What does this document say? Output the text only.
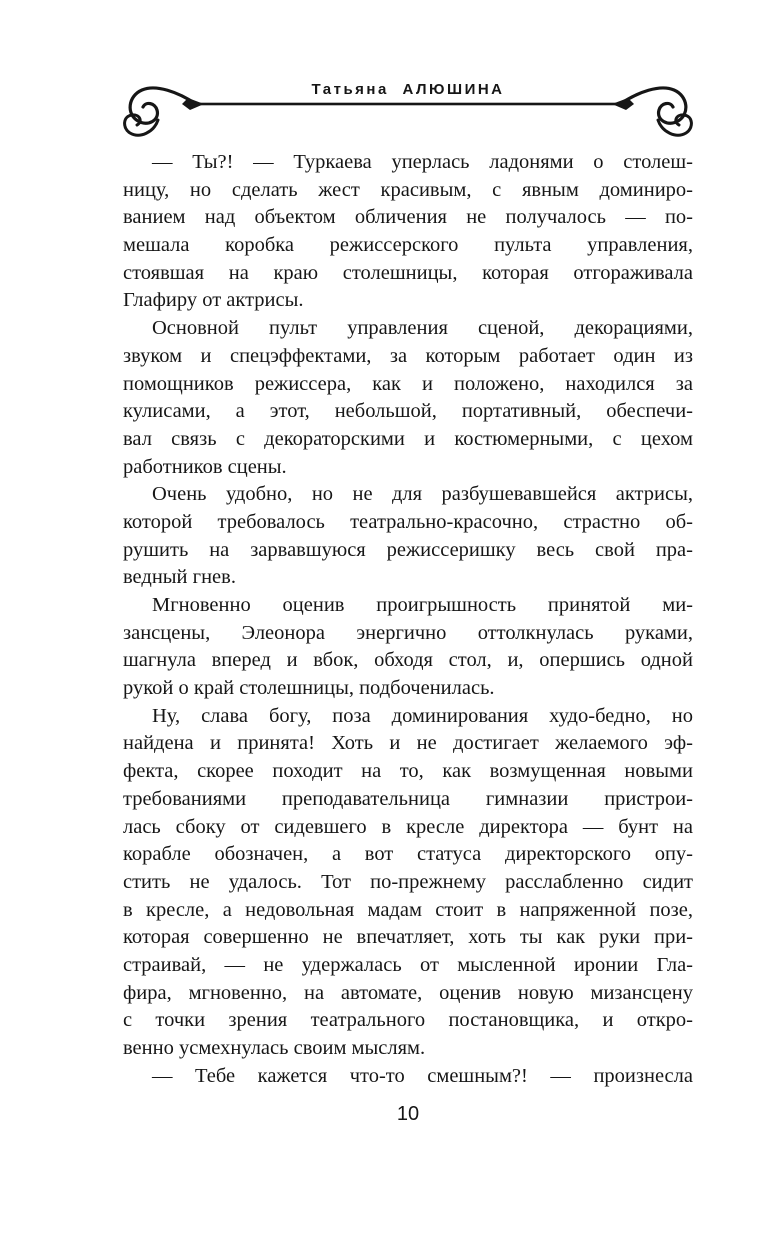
Татьяна АЛЮШИНА
— Ты?! — Туркаева уперлась ладонями о столеш-
ницу, но сделать жест красивым, с явным доминиро-
ванием над объектом обличения не получалось — по-
мешала коробка режиссерского пульта управления,
стоявшая на краю столешницы, которая отгораживала
Глафиру от актрисы.
Основной пульт управления сценой, декорациями,
звуком и спецэффектами, за которым работает один из
помощников режиссера, как и положено, находился за
кулисами, а этот, небольшой, портативный, обеспечи-
вал связь с декораторскими и костюмерными, с цехом
работников сцены.
Очень удобно, но не для разбушевавшейся актрисы,
которой требовалось театрально-красочно, страстно об-
рушить на зарвавшуюся режиссеришку весь свой пра-
ведный гнев.
Мгновенно оценив проигрышность принятой ми-
зансцены, Элеонора энергично оттолкнулась руками,
шагнула вперед и вбок, обходя стол, и, опершись одной
рукой о край столешницы, подбоченилась.
Ну, слава богу, поза доминирования худо-бедно, но
найдена и принята! Хоть и не достигает желаемого эф-
фекта, скорее походит на то, как возмущенная новыми
требованиями преподавательница гимназии пристрои-
лась сбоку от сидевшего в кресле директора — бунт на
корабле обозначен, а вот статуса директорского опу-
стить не удалось. Тот по-прежнему расслабленно сидит
в кресле, а недовольная мадам стоит в напряженной позе,
которая совершенно не впечатляет, хоть ты как руки при-
страивай, — не удержалась от мысленной иронии Гла-
фира, мгновенно, на автомате, оценив новую мизансцену
с точки зрения театрального постановщика, и откро-
венно усмехнулась своим мыслям.
— Тебе кажется что-то смешным?! — произнесла
10
